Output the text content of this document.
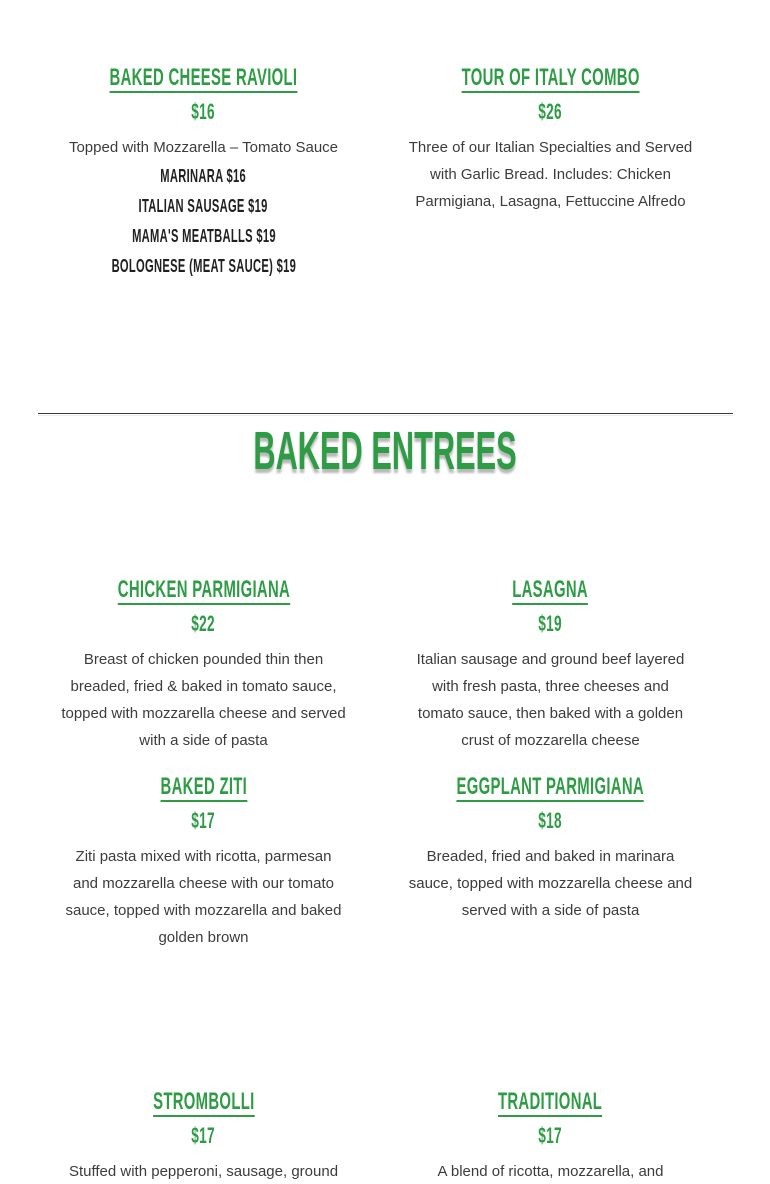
BAKED CHEESE RAVIOLI
$16
Topped with Mozzarella – Tomato Sauce
MARINARA $16
ITALIAN SAUSAGE $19
MAMA'S MEATBALLS $19
BOLOGNESE (MEAT SAUCE) $19
TOUR OF ITALY COMBO
$26
Three of our Italian Specialties and Served
with Garlic Bread. Includes: Chicken
Parmigiana, Lasagna, Fettuccine Alfredo
BAKED ENTREES
CHICKEN PARMIGIANA
$22
Breast of chicken pounded thin then
breaded, fried & baked in tomato sauce,
topped with mozzarella cheese and served
with a side of pasta
LASAGNA
$19
Italian sausage and ground beef layered
with fresh pasta, three cheeses and
tomato sauce, then baked with a golden
crust of mozzarella cheese
BAKED ZITI
$17
Ziti pasta mixed with ricotta, parmesan
and mozzarella cheese with our tomato
sauce, topped with mozzarella and baked
golden brown
EGGPLANT PARMIGIANA
$18
Breaded, fried and baked in marinara
sauce, topped with mozzarella cheese and
served with a side of pasta
STROMBOLLI
$17
Stuffed with pepperoni, sausage, ground
TRADITIONAL
$17
A blend of ricotta, mozzarella, and
